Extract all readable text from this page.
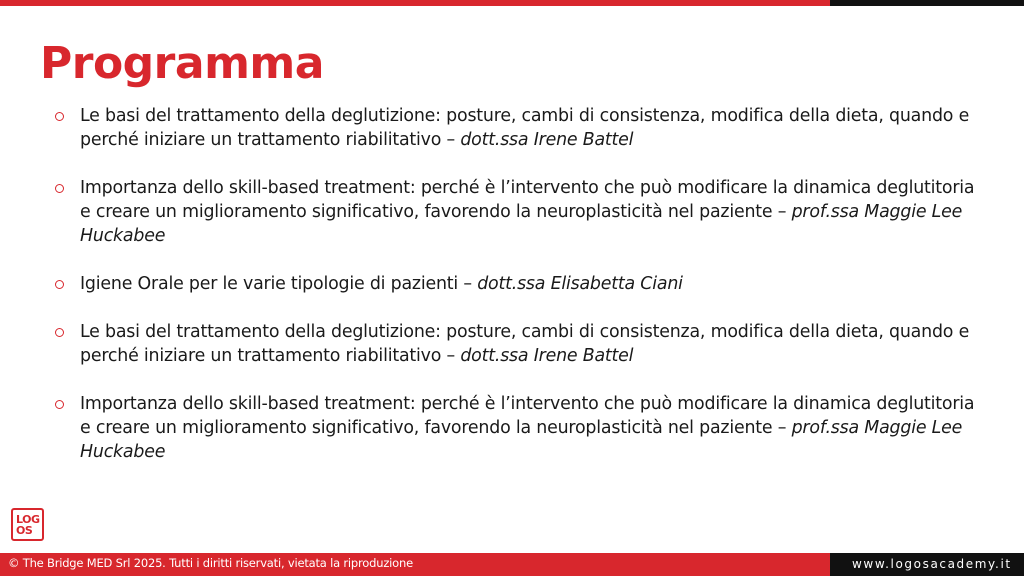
Programma
Le basi del trattamento della deglutizione: posture, cambi di consistenza, modifica della dieta, quando e perché iniziare un trattamento riabilitativo – dott.ssa Irene Battel
Importanza dello skill-based treatment: perché è l’intervento che può modificare la dinamica deglutitoria e creare un miglioramento significativo, favorendo la neuroplasticità nel paziente – prof.ssa Maggie Lee Huckabee
Igiene Orale per le varie tipologie di pazienti – dott.ssa Elisabetta Ciani
Le basi del trattamento della deglutizione: posture, cambi di consistenza, modifica della dieta, quando e perché iniziare un trattamento riabilitativo – dott.ssa Irene Battel
Importanza dello skill-based treatment: perché è l’intervento che può modificare la dinamica deglutitoria e creare un miglioramento significativo, favorendo la neuroplasticità nel paziente – prof.ssa Maggie Lee Huckabee
LOG
OS
© The Bridge MED Srl 2025. Tutti i diritti riservati, vietata la riproduzione	www.logosacademy.it
